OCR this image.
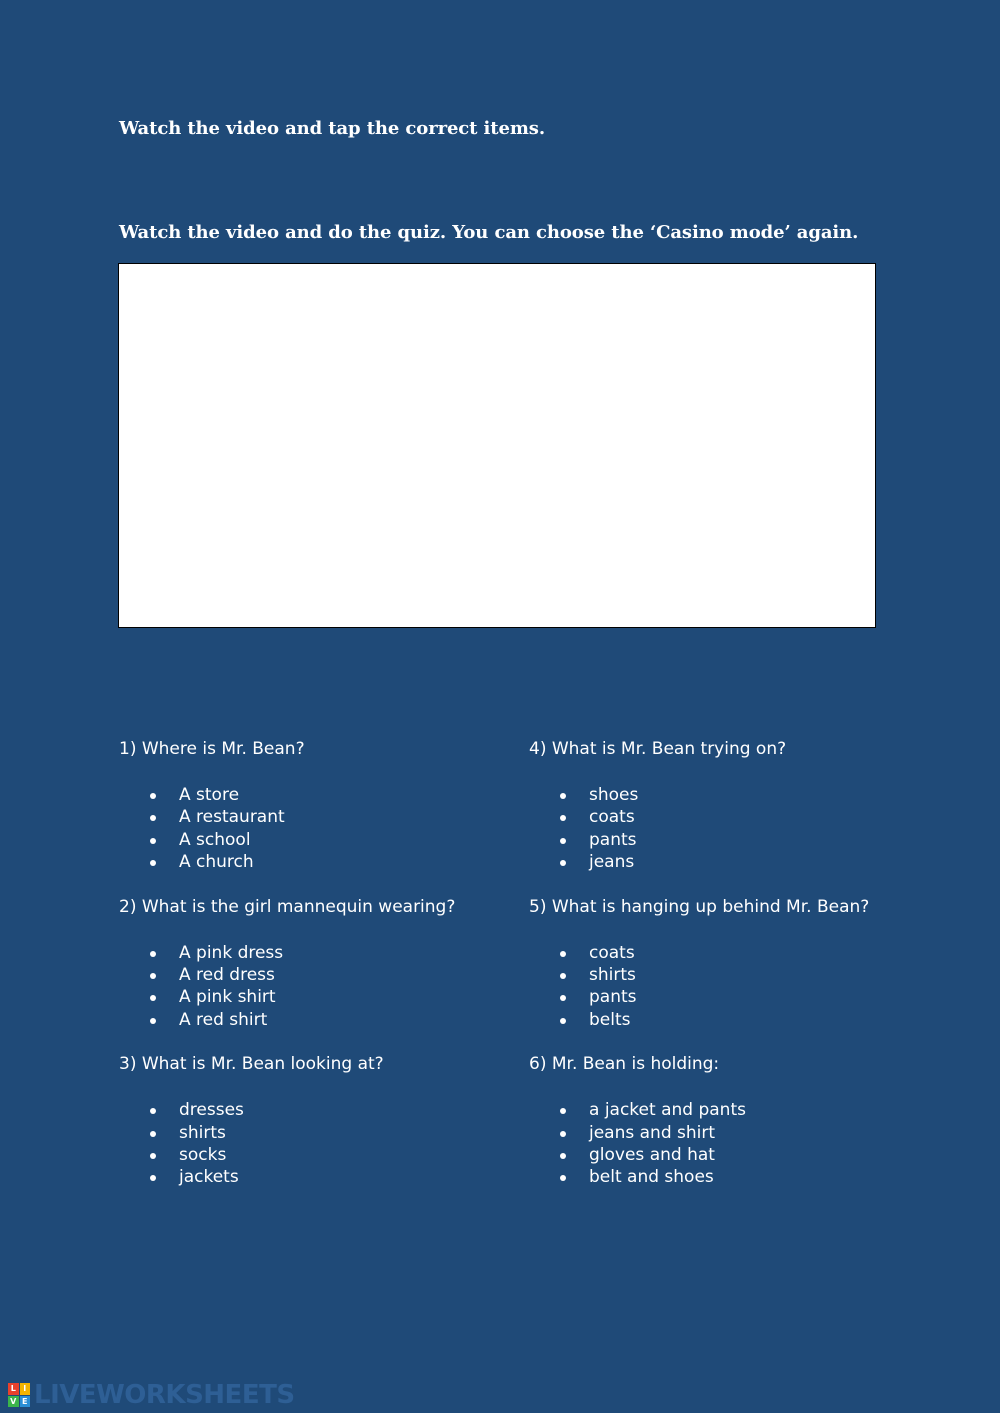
Watch the video and tap the correct items.
Watch the video and do the quiz. You can choose the ‘Casino mode’ again.
1) Where is Mr. Bean?
A store
A restaurant
A school
A church
2) What is the girl mannequin wearing?
A pink dress
A red dress
A pink shirt
A red shirt
3) What is Mr. Bean looking at?
dresses
shirts
socks
jackets
4) What is Mr. Bean trying on?
shoes
coats
pants
jeans
5) What is hanging up behind Mr. Bean?
coats
shirts
pants
belts
6) Mr. Bean is holding:
a jacket and pants
jeans and shirt
gloves and hat
belt and shoes
L I
V E LIVEWORKSHEETS
